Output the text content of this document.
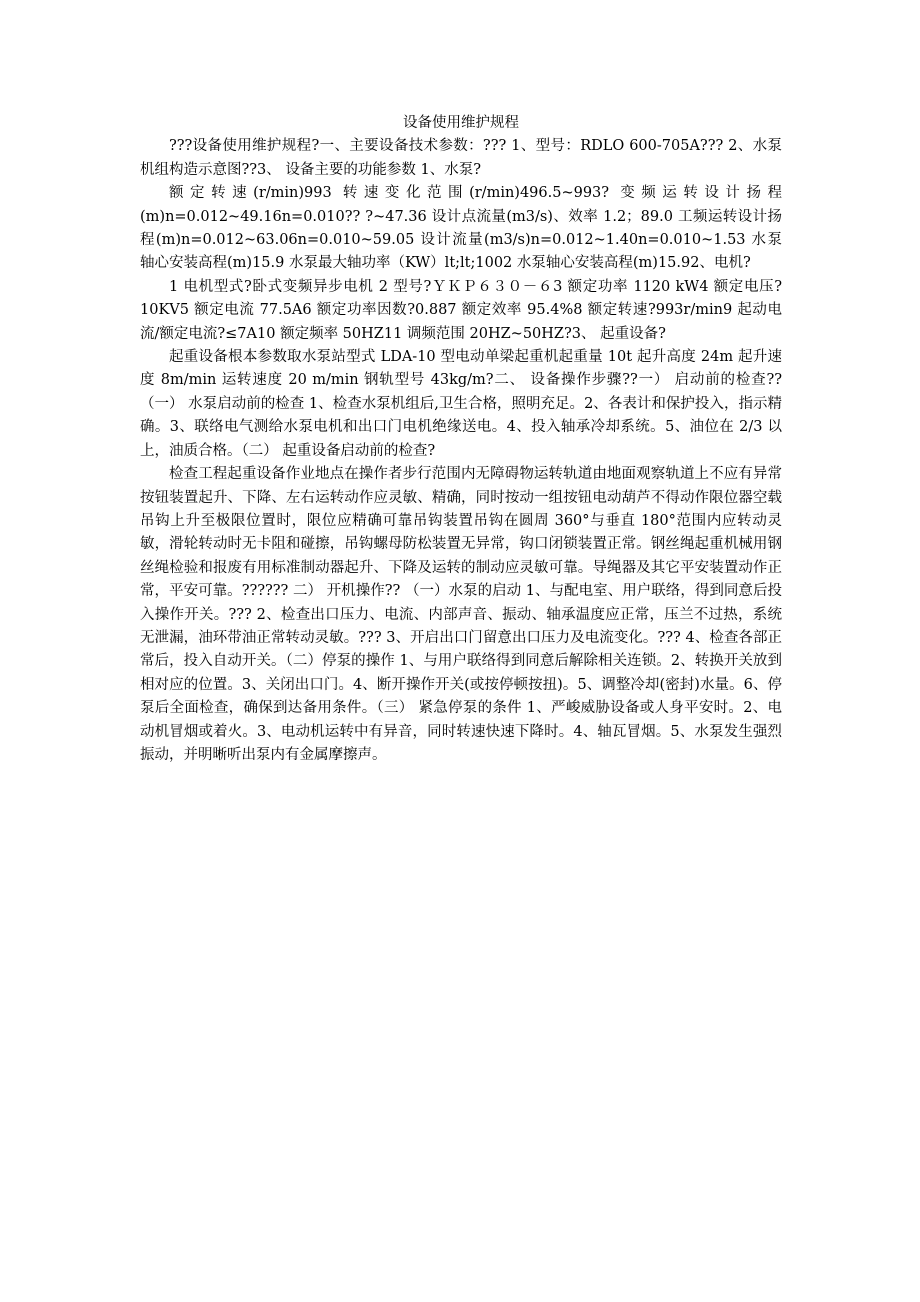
设备使用维护规程

???设备使用维护规程?一、主要设备技术参数：??? 1、型号：RDLO 600-705A??? 2、水泵机组构造示意图??3、 设备主要的功能参数 1、水泵?

额定转速(r/min)993 转速变化范围(r/min)496.5~993? 变频运转设计扬程(m)n=0.012~49.16n=0.010?? ?~47.36 设计点流量(m3/s)、效率 1.2；89.0 工频运转设计扬程(m)n=0.012~63.06n=0.010~59.05 设计流量(m3/s)n=0.012~1.40n=0.010~1.53 水泵轴心安装高程(m)15.9 水泵最大轴功率（KW）lt;lt;1002 水泵轴心安装高程(m)15.92、电机?

1 电机型式?卧式变频异步电机 2 型号?ＹＫＰ６３０－６3 额定功率 1120 kW4 额定电压?10KV5 额定电流 77.5A6 额定功率因数?0.887 额定效率 95.4%8 额定转速?993r/min9 起动电流/额定电流?≤7A10 额定频率 50HZ11 调频范围 20HZ~50HZ?3、 起重设备?

起重设备根本参数取水泵站型式 LDA-10 型电动单梁起重机起重量 10t 起升高度 24m 起升速度 8m/min 运转速度 20 m/min 钢轨型号 43kg/m?二、 设备操作步骤??一） 启动前的检查?? （一） 水泵启动前的检查 1、检查水泵机组后,卫生合格，照明充足。2、各表计和保护投入，指示精确。3、联络电气测给水泵电机和出口门电机绝缘送电。4、投入轴承冷却系统。5、油位在 2/3 以上，油质合格。（二） 起重设备启动前的检查?

检查工程起重设备作业地点在操作者步行范围内无障碍物运转轨道由地面观察轨道上不应有异常按钮装置起升、下降、左右运转动作应灵敏、精确，同时按动一组按钮电动葫芦不得动作限位器空载吊钩上升至极限位置时，限位应精确可靠吊钩装置吊钩在圆周 360°与垂直 180°范围内应转动灵敏，滑轮转动时无卡阻和碰擦，吊钩螺母防松装置无异常，钩口闭锁装置正常。钢丝绳起重机械用钢丝绳检验和报废有用标准制动器起升、下降及运转的制动应灵敏可靠。导绳器及其它平安装置动作正常，平安可靠。?????? 二） 开机操作?? （一）水泵的启动 1、与配电室、用户联络，得到同意后投入操作开关。??? 2、检查出口压力、电流、内部声音、振动、轴承温度应正常，压兰不过热，系统无泄漏，油环带油正常转动灵敏。??? 3、开启出口门留意出口压力及电流变化。??? 4、检查各部正常后，投入自动开关。（二）停泵的操作 1、与用户联络得到同意后解除相关连锁。2、转换开关放到相对应的位置。3、关闭出口门。4、断开操作开关(或按停顿按扭)。5、调整冷却(密封)水量。6、停泵后全面检查，确保到达备用条件。（三） 紧急停泵的条件 1、严峻威胁设备或人身平安时。2、电动机冒烟或着火。3、电动机运转中有异音，同时转速快速下降时。4、轴瓦冒烟。5、水泵发生强烈振动，并明晰听出泵内有金属摩擦声。
